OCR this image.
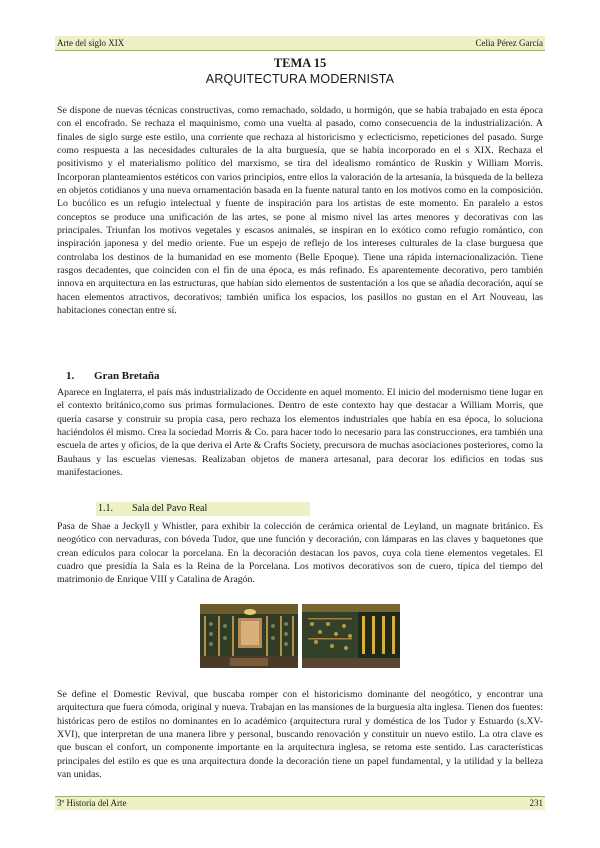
Arte del siglo XIX	Celia Pérez García
TEMA 15
ARQUITECTURA MODERNISTA

Se dispone de nuevas técnicas constructivas, como remachado, soldado, u hormigón, que se había trabajado en esta época con el encofrado. Se rechaza el maquinismo, como una vuelta al pasado, como consecuencia de la industrialización. A finales de siglo surge este estilo, una corriente que rechaza al historicismo y eclecticismo, repeticiones del pasado. Surge como respuesta a las necesidades culturales de la alta burguesía, que se había incorporado en el s XIX. Rechaza el positivismo y el materialismo político del marxismo, se tira del idealismo romántico de Ruskin y William Morris. Incorporan planteamientos estéticos con varios principios, entre ellos la valoración de la artesanía, la búsqueda de la belleza en objetos cotidianos y una nueva ornamentación basada en la fuente natural tanto en los motivos como en la composición. Lo bucólico es un refugio intelectual y fuente de inspiración para los artistas de este momento. En paralelo a estos conceptos se produce una unificación de las artes, se pone al mismo nivel las artes menores y decorativas con las principales. Triunfan los motivos vegetales y escasos animales, se inspiran en lo exótico como refugio romántico, con inspiración japonesa y del medio oriente. Fue un espejo de reflejo de los intereses culturales de la clase burguesa que controlaba los destinos de la humanidad en ese momento (Belle Epoque). Tiene una rápida internacionalización. Tiene rasgos decadentes, que coinciden con el fin de una época, es más refinado. Es aparentemente decorativo, pero también innova en arquitectura en las estructuras, que habían sido elementos de sustentación a los que se añadía decoración, aquí se hacen elementos atractivos, decorativos; también unifica los espacios, los pasillos no gustan en el Art Nouveau, las habitaciones conectan entre sí.

1. Gran Bretaña

Aparece en Inglaterra, el país más industrializado de Occidente en aquel momento. El inicio del modernismo tiene lugar en el contexto británico,como sus primas formulaciones. Dentro de este contexto hay que destacar a William Morris, que quería casarse y construir su propia casa, pero rechaza los elementos industriales que había en esa época, lo soluciona haciéndolos él mismo. Crea la sociedad Morris & Co. para hacer todo lo necesario para las construcciones, era también una escuela de artes y oficios, de la que deriva el Arte & Crafts Society, precursora de muchas asociaciones posteriores, como la Bauhaus y las escuelas vienesas. Realizaban objetos de manera artesanal, para decorar los edificios en todas sus manifestaciones.

1.1. Sala del Pavo Real

Pasa de Shae a Jeckyll y Whistler, para exhibir la colección de cerámica oriental de Leyland, un magnate británico. Es neogótico con nervaduras, con bóveda Tudor, que une función y decoración, con lámparas en las claves y baquetones que crean edículos para colocar la porcelana. En la decoración destacan los pavos, cuya cola tiene elementos vegetales. El cuadro que presidía la Sala es la Reina de la Porcelana. Los motivos decorativos son de cuero, típica del tiempo del matrimonio de Enrique VIII y Catalina de Aragón.

Se define el Domestic Revival, que buscaba romper con el historicismo dominante del neogótico, y encontrar una arquitectura que fuera cómoda, original y nueva. Trabajan en las mansiones de la burguesía alta inglesa. Tienen dos fuentes: históricas pero de estilos no dominantes en lo académico (arquitectura rural y doméstica de los Tudor y Estuardo (s.XV-XVI), que interpretan de una manera libre y personal, buscando renovación y constituir un nuevo estilo. La otra clave es que buscan el confort, un componente importante en la arquitectura inglesa, se retoma este sentido. Las características principales del estilo es que es una arquitectura donde la decoración tiene un papel fundamental, y la utilidad y la belleza van unidas.

3º Historia del Arte	231
